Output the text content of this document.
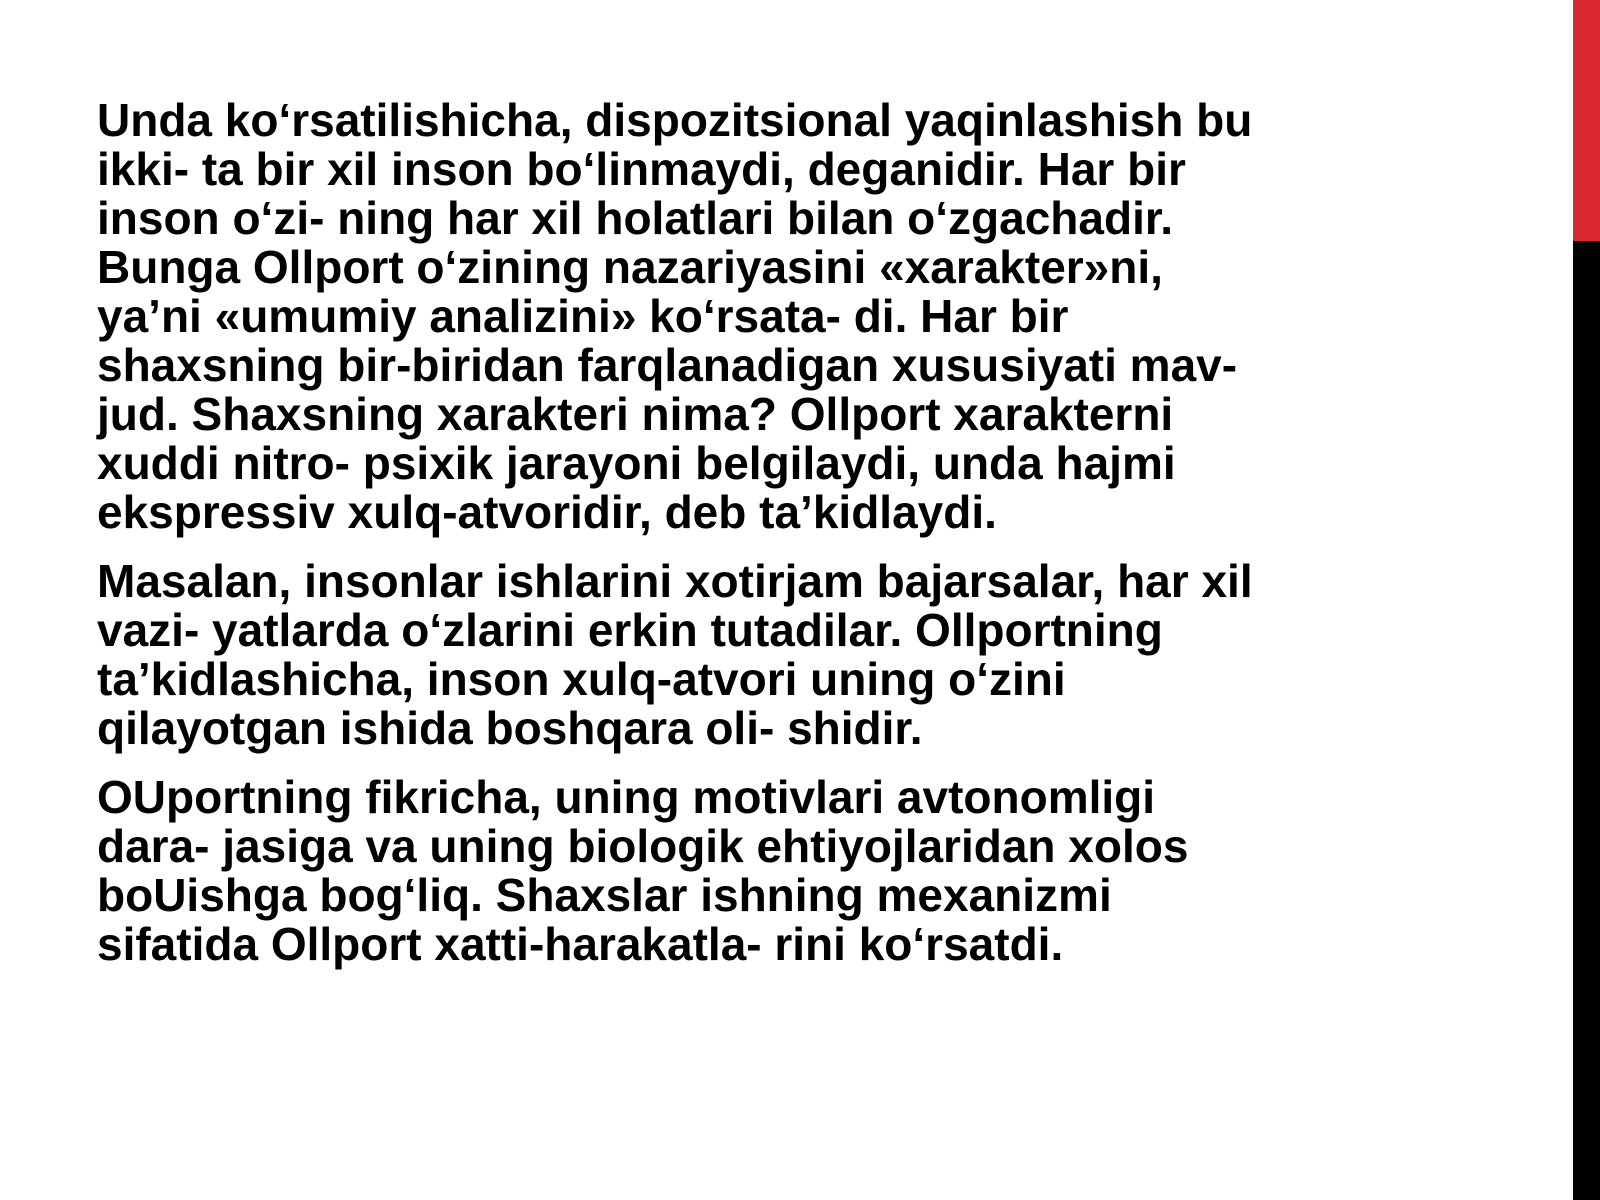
Unda ko‘rsatilishicha, dispozitsional yaqinlashish bu
ikki- ta bir xil inson bo‘linmaydi, deganidir. Har bir
inson o‘zi- ning har xil holatlari bilan o‘zgachadir.
Bunga Ollport o‘zining nazariyasini «xarakter»ni,
ya’ni «umumiy analizini» ko‘rsata- di. Har bir
shaxsning bir-biridan farqlanadigan xususiyati mav-
jud. Shaxsning xarakteri nima? Ollport xarakterni
xuddi nitro- psixik jarayoni belgilaydi, unda hajmi
ekspressiv xulq-atvoridir, deb ta’kidlaydi.

Masalan, insonlar ishlarini xotirjam bajarsalar, har xil
vazi- yatlarda o‘zlarini erkin tutadilar. Ollportning
ta’kidlashicha, inson xulq-atvori uning o‘zini
qilayotgan ishida boshqara oli- shidir.

OUportning fikricha, uning motivlari avtonomligi
dara- jasiga va uning biologik ehtiyojlaridan xolos
boUishga bog‘liq. Shaxslar ishning mexanizmi
sifatida Ollport xatti-harakatla- rini ko‘rsatdi.
